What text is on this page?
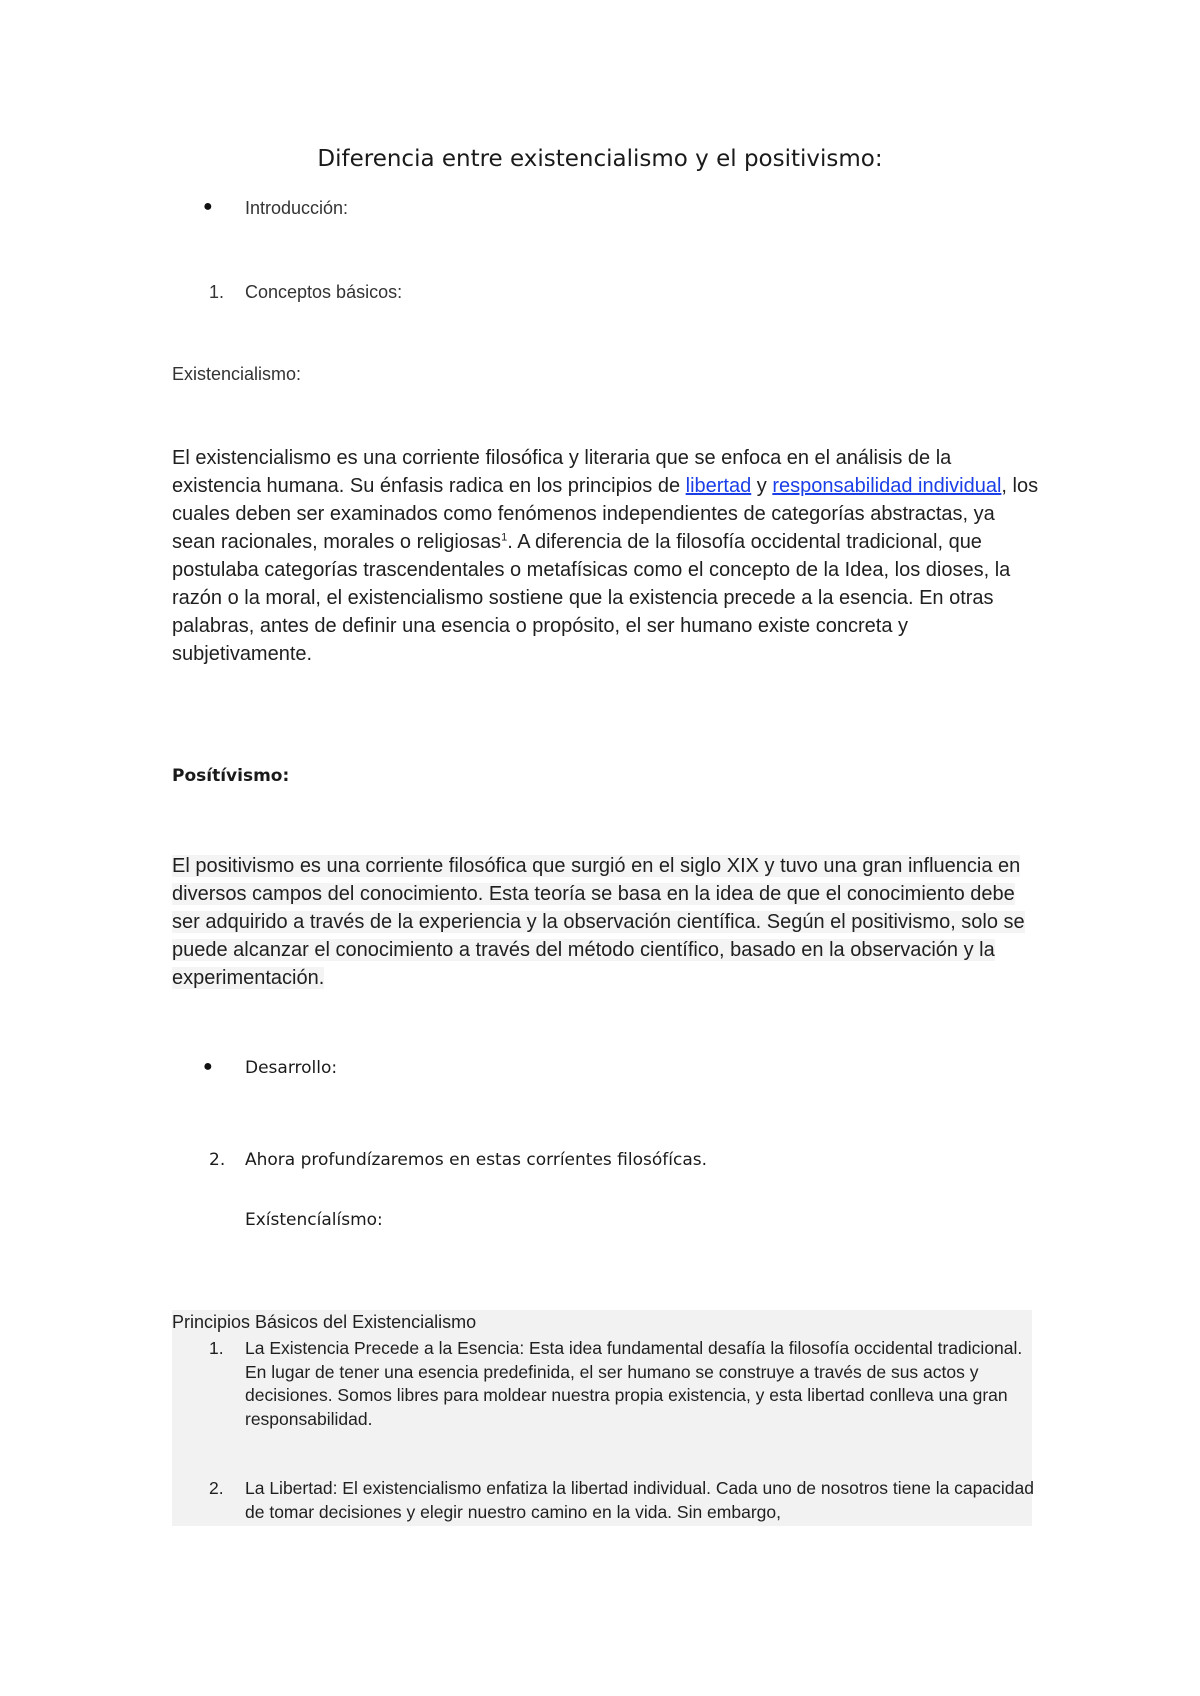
Diferencia entre existencialismo y el positivismo:
● Introducción:
1. Conceptos básicos:
Existencialismo:
El existencialismo es una corriente filosófica y literaria que se enfoca en el análisis de la existencia humana. Su énfasis radica en los principios de libertad y responsabilidad individual, los cuales deben ser examinados como fenómenos independientes de categorías abstractas, ya sean racionales, morales o religiosas$^1$. A diferencia de la filosofía occidental tradicional, que postulaba categorías trascendentales o metafísicas como el concepto de la Idea, los dioses, la razón o la moral, el existencialismo sostiene que la existencia precede a la esencia. En otras palabras, antes de definir una esencia o propósito, el ser humano existe concreta y subjetivamente.
Posítívismo:
El positivismo es una corriente filosófica que surgió en el siglo XIX y tuvo una gran influencia en diversos campos del conocimiento. Esta teoría se basa en la idea de que el conocimiento debe ser adquirido a través de la experiencia y la observación científica. Según el positivismo, solo se puede alcanzar el conocimiento a través del método científico, basado en la observación y la experimentación.
● Desarrollo:
2. Ahora profundízaremos en estas corríentes filosófícas.
Exístencíalísmo:
Principios Básicos del Existencialismo
1. La Existencia Precede a la Esencia: Esta idea fundamental desafía la filosofía occidental tradicional. En lugar de tener una esencia predefinida, el ser humano se construye a través de sus actos y decisiones. Somos libres para moldear nuestra propia existencia, y esta libertad conlleva una gran responsabilidad.
2. La Libertad: El existencialismo enfatiza la libertad individual. Cada uno de nosotros tiene la capacidad de tomar decisiones y elegir nuestro camino en la vida. Sin embargo,
